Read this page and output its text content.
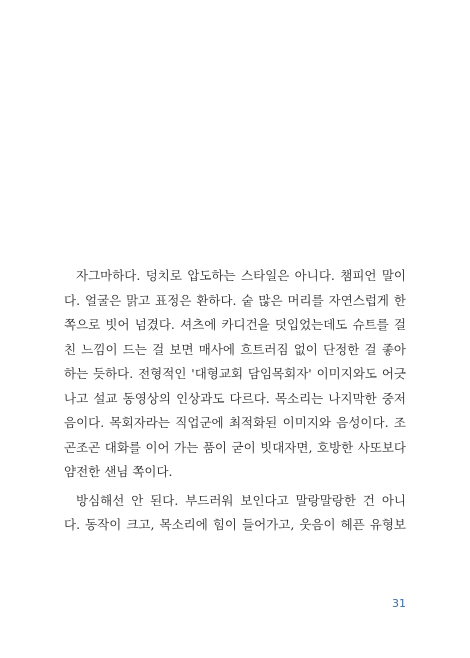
자그마하다. 덩치로 압도하는 스타일은 아니다. 챔피언 말이
다. 얼굴은 맑고 표정은 환하다. 숱 많은 머리를 자연스럽게 한
쪽으로 빗어 넘겼다. 셔츠에 카디건을 덧입었는데도 슈트를 걸
친 느낌이 드는 걸 보면 매사에 흐트러짐 없이 단정한 걸 좋아
하는 듯하다. 전형적인 '대형교회 담임목회자' 이미지와도 어긋
나고 설교 동영상의 인상과도 다르다. 목소리는 나지막한 중저
음이다. 목회자라는 직업군에 최적화된 이미지와 음성이다. 조
곤조곤 대화를 이어 가는 품이 굳이 빗대자면, 호방한 사또보다
얌전한 샌님 쪽이다.
방심해선 안 된다. 부드러워 보인다고 말랑말랑한 건 아니
다. 동작이 크고, 목소리에 힘이 들어가고, 웃음이 헤픈 유형보
31
